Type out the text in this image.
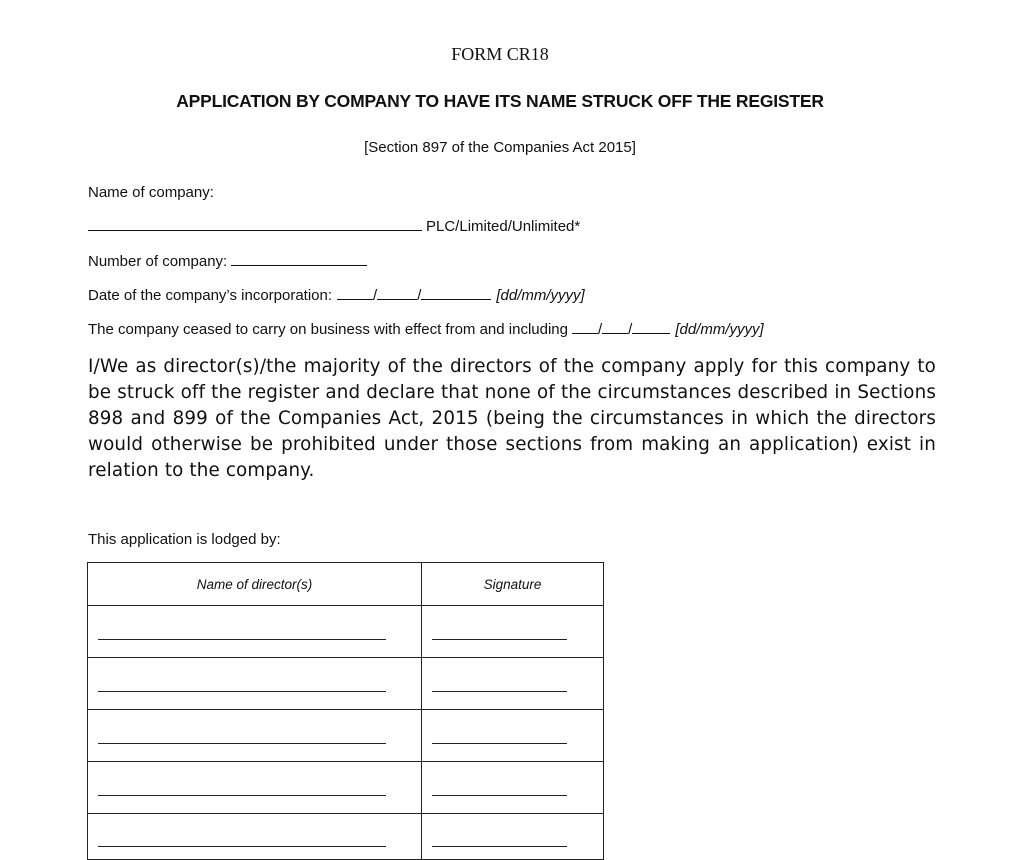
FORM CR18
APPLICATION BY COMPANY TO HAVE ITS NAME STRUCK OFF THE REGISTER
[Section 897 of the Companies Act 2015]
Name of company:
PLC/Limited/Unlimited*
Number of company:
Date of the company’s incorporation:	/	/	[dd/mm/yyyy]
The company ceased to carry on business with effect from and including / /	[dd/mm/yyyy]
I/We as director(s)/the majority of the directors of the company apply for this company to be struck off the register and declare that none of the circumstances described in Sections 898 and 899 of the Companies Act, 2015 (being the circumstances in which the directors would otherwise be prohibited under those sections from making an application) exist in relation to the company.
This application is lodged by:
Name of director(s)	Signature
